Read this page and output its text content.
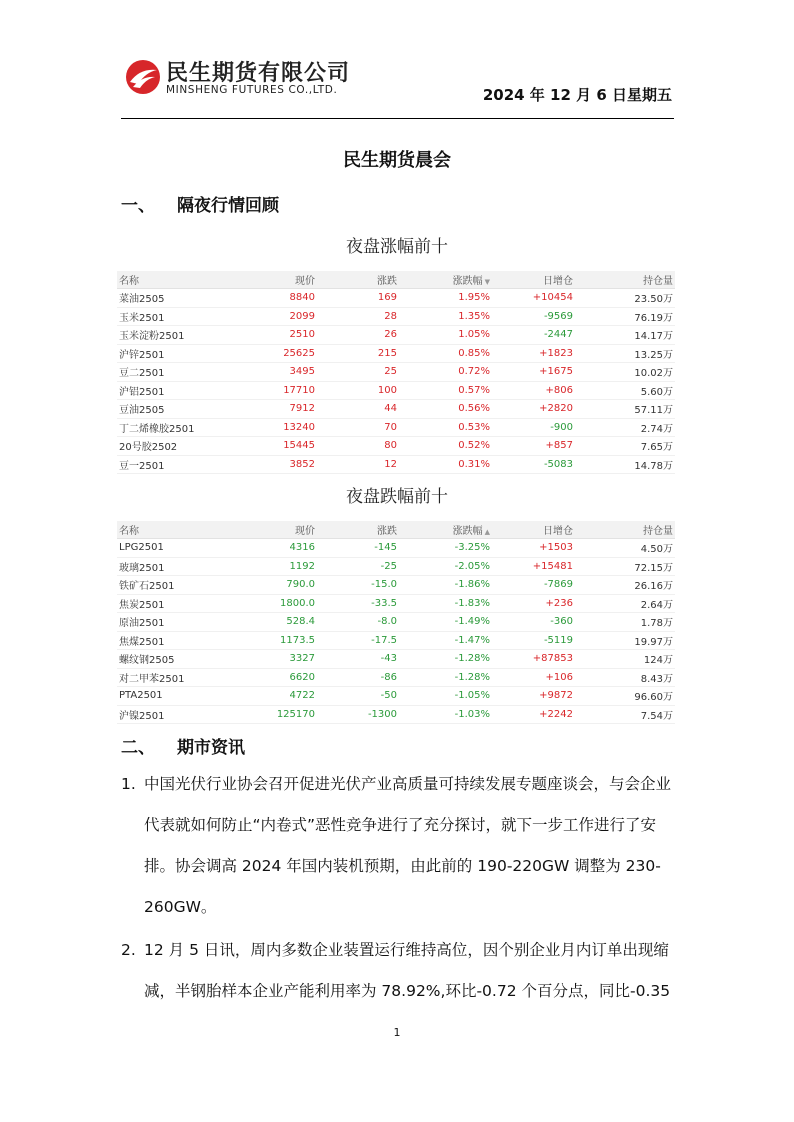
民生期货有限公司
MINSHENG FUTURES CO.,LTD.	2024 年 12 月 6 日星期五
民生期货晨会
一、 隔夜行情回顾
夜盘涨幅前十
名称	现价	涨跌	涨跌幅 ▼	日增仓	持仓量
菜油2505	8840	169	1.95%	+10454	23.50万
玉米2501	2099	28	1.35%	-9569	76.19万
玉米淀粉2501	2510	26	1.05%	-2447	14.17万
沪锌2501	25625	215	0.85%	+1823	13.25万
豆二2501	3495	25	0.72%	+1675	10.02万
沪铝2501	17710	100	0.57%	+806	5.60万
豆油2505	7912	44	0.56%	+2820	57.11万
丁二烯橡胶2501	13240	70	0.53%	-900	2.74万
20号胶2502	15445	80	0.52%	+857	7.65万
豆一2501	3852	12	0.31%	-5083	14.78万
夜盘跌幅前十
名称	现价	涨跌	涨跌幅 ▲	日增仓	持仓量
LPG2501	4316	-145	-3.25%	+1503	4.50万
玻璃2501	1192	-25	-2.05%	+15481	72.15万
铁矿石2501	790.0	-15.0	-1.86%	-7869	26.16万
焦炭2501	1800.0	-33.5	-1.83%	+236	2.64万
原油2501	528.4	-8.0	-1.49%	-360	1.78万
焦煤2501	1173.5	-17.5	-1.47%	-5119	19.97万
螺纹钢2505	3327	-43	-1.28%	+87853	124万
对二甲苯2501	6620	-86	-1.28%	+106	8.43万
PTA2501	4722	-50	-1.05%	+9872	96.60万
沪镍2501	125170	-1300	-1.03%	+2242	7.54万
二、 期市资讯
1. 中国光伏行业协会召开促进光伏产业高质量可持续发展专题座谈会，与会企业代表就如何防止“内卷式”恶性竞争进行了充分探讨，就下一步工作进行了安排。协会调高 2024 年国内装机预期，由此前的 190-220GW 调整为 230-260GW。
2. 12 月 5 日讯，周内多数企业装置运行维持高位，因个别企业月内订单出现缩减，半钢胎样本企业产能利用率为 78.92%,环比-0.72 个百分点，同比-0.35
1
